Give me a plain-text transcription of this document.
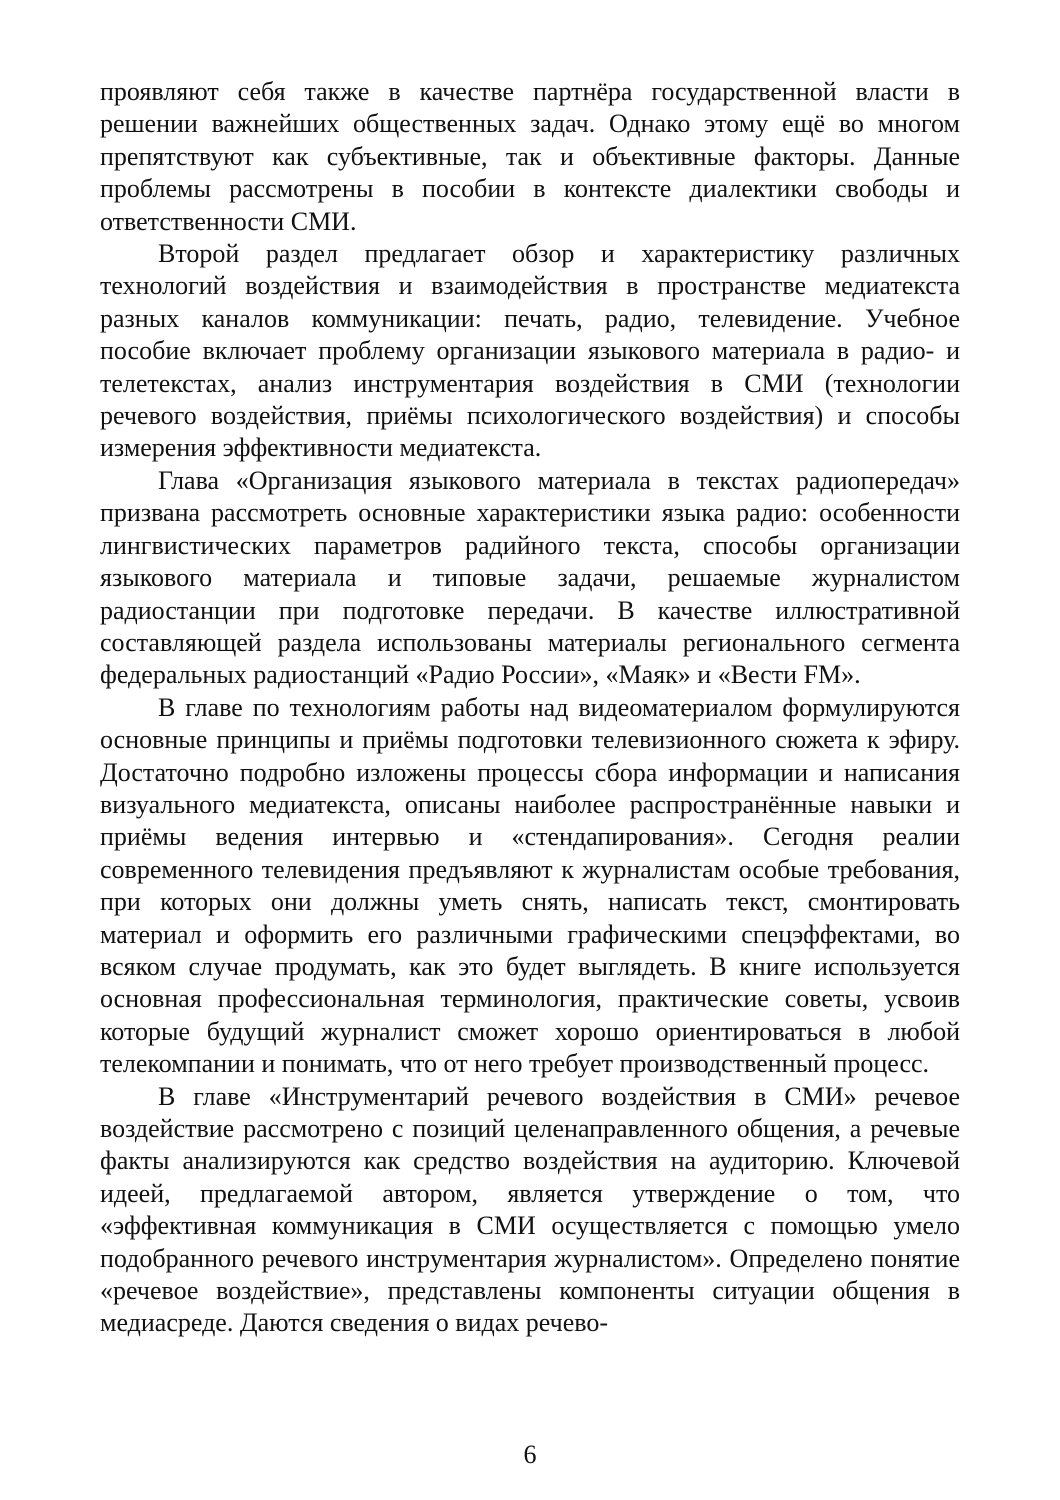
проявляют себя также в качестве партнёра государственной власти в решении важнейших общественных задач. Однако этому ещё во многом препятствуют как субъективные, так и объективные факторы. Данные проблемы рассмотрены в пособии в контексте диалектики свободы и ответственности СМИ.

Второй раздел предлагает обзор и характеристику различных технологий воздействия и взаимодействия в пространстве медиатекста разных каналов коммуникации: печать, радио, телевидение. Учебное пособие включает проблему организации языкового материала в радио- и телетекстах, анализ инструментария воздействия в СМИ (технологии речевого воздействия, приёмы психологического воздействия) и способы измерения эффективности медиатекста.

Глава «Организация языкового материала в текстах радиопередач» призвана рассмотреть основные характеристики языка радио: особенности лингвистических параметров радийного текста, способы организации языкового материала и типовые задачи, решаемые журналистом радиостанции при подготовке передачи. В качестве иллюстративной составляющей раздела использованы материалы регионального сегмента федеральных радиостанций «Радио России», «Маяк» и «Вести FM».

В главе по технологиям работы над видеоматериалом формулируются основные принципы и приёмы подготовки телевизионного сюжета к эфиру. Достаточно подробно изложены процессы сбора информации и написания визуального медиатекста, описаны наиболее распространённые навыки и приёмы ведения интервью и «стендапирования». Сегодня реалии современного телевидения предъявляют к журналистам особые требования, при которых они должны уметь снять, написать текст, смонтировать материал и оформить его различными графическими спецэффектами, во всяком случае продумать, как это будет выглядеть. В книге используется основная профессиональная терминология, практические советы, усвоив которые будущий журналист сможет хорошо ориентироваться в любой телекомпании и понимать, что от него требует производственный процесс.

В главе «Инструментарий речевого воздействия в СМИ» речевое воздействие рассмотрено с позиций целенаправленного общения, а речевые факты анализируются как средство воздействия на аудиторию. Ключевой идеей, предлагаемой автором, является утверждение о том, что «эффективная коммуникация в СМИ осуществляется с помощью умело подобранного речевого инструментария журналистом». Определено понятие «речевое воздействие», представлены компоненты ситуации общения в медиасреде. Даются сведения о видах речево-

6
